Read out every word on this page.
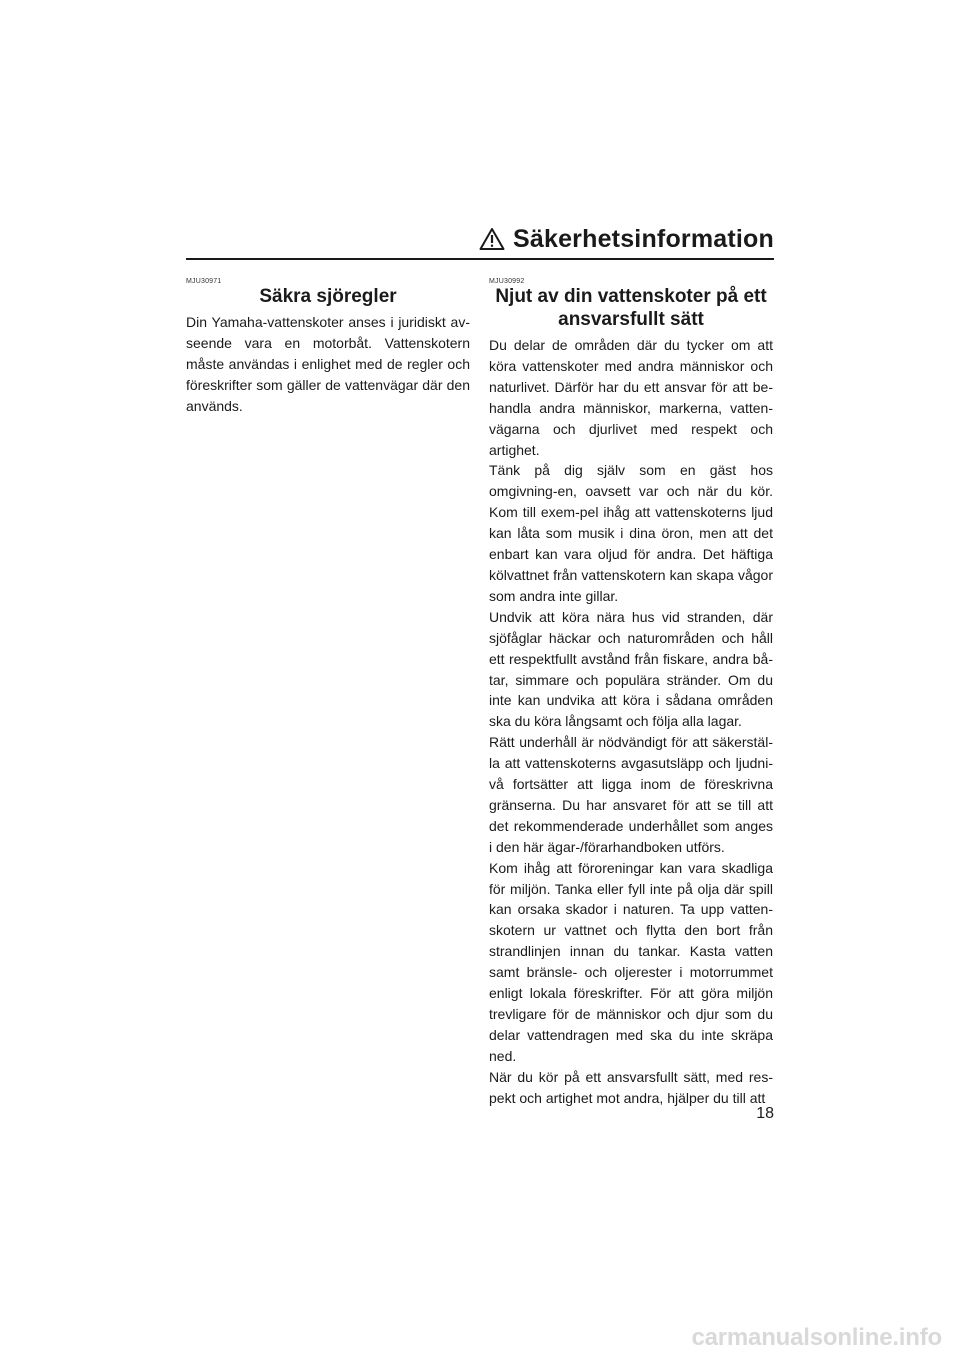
Säkerhetsinformation
MJU30971
Säkra sjöregler

Din Yamaha-vattenskoter anses i juridiskt av-seende vara en motorbåt. Vattenskotern måste användas i enlighet med de regler och föreskrifter som gäller de vattenvägar där den används.

MJU30992
Njut av din vattenskoter på ett ansvarsfullt sätt

Du delar de områden där du tycker om att köra vattenskoter med andra människor och naturlivet. Därför har du ett ansvar för att be-handla andra människor, markerna, vatten-vägarna och djurlivet med respekt och artighet.

Tänk på dig själv som en gäst hos omgivning-en, oavsett var och när du kör. Kom till exem-pel ihåg att vattenskoterns ljud kan låta som musik i dina öron, men att det enbart kan vara oljud för andra. Det häftiga kölvattnet från vattenskotern kan skapa vågor som andra inte gillar.

Undvik att köra nära hus vid stranden, där sjöfåglar häckar och naturområden och håll ett respektfullt avstånd från fiskare, andra bå-tar, simmare och populära stränder. Om du inte kan undvika att köra i sådana områden ska du köra långsamt och följa alla lagar.

Rätt underhåll är nödvändigt för att säkerstäl-la att vattenskoterns avgasutsläpp och ljudni-vå fortsätter att ligga inom de föreskrivna gränserna. Du har ansvaret för att se till att det rekommenderade underhållet som anges i den här ägar-/förarhandboken utförs.

Kom ihåg att föroreningar kan vara skadliga för miljön. Tanka eller fyll inte på olja där spill kan orsaka skador i naturen. Ta upp vatten-skotern ur vattnet och flytta den bort från strandlinjen innan du tankar. Kasta vatten samt bränsle- och oljerester i motorrummet enligt lokala föreskrifter. För att göra miljön trevligare för de människor och djur som du delar vattendragen med ska du inte skräpa ned.

När du kör på ett ansvarsfullt sätt, med res-pekt och artighet mot andra, hjälper du till att

18
carmanualsonline.info
